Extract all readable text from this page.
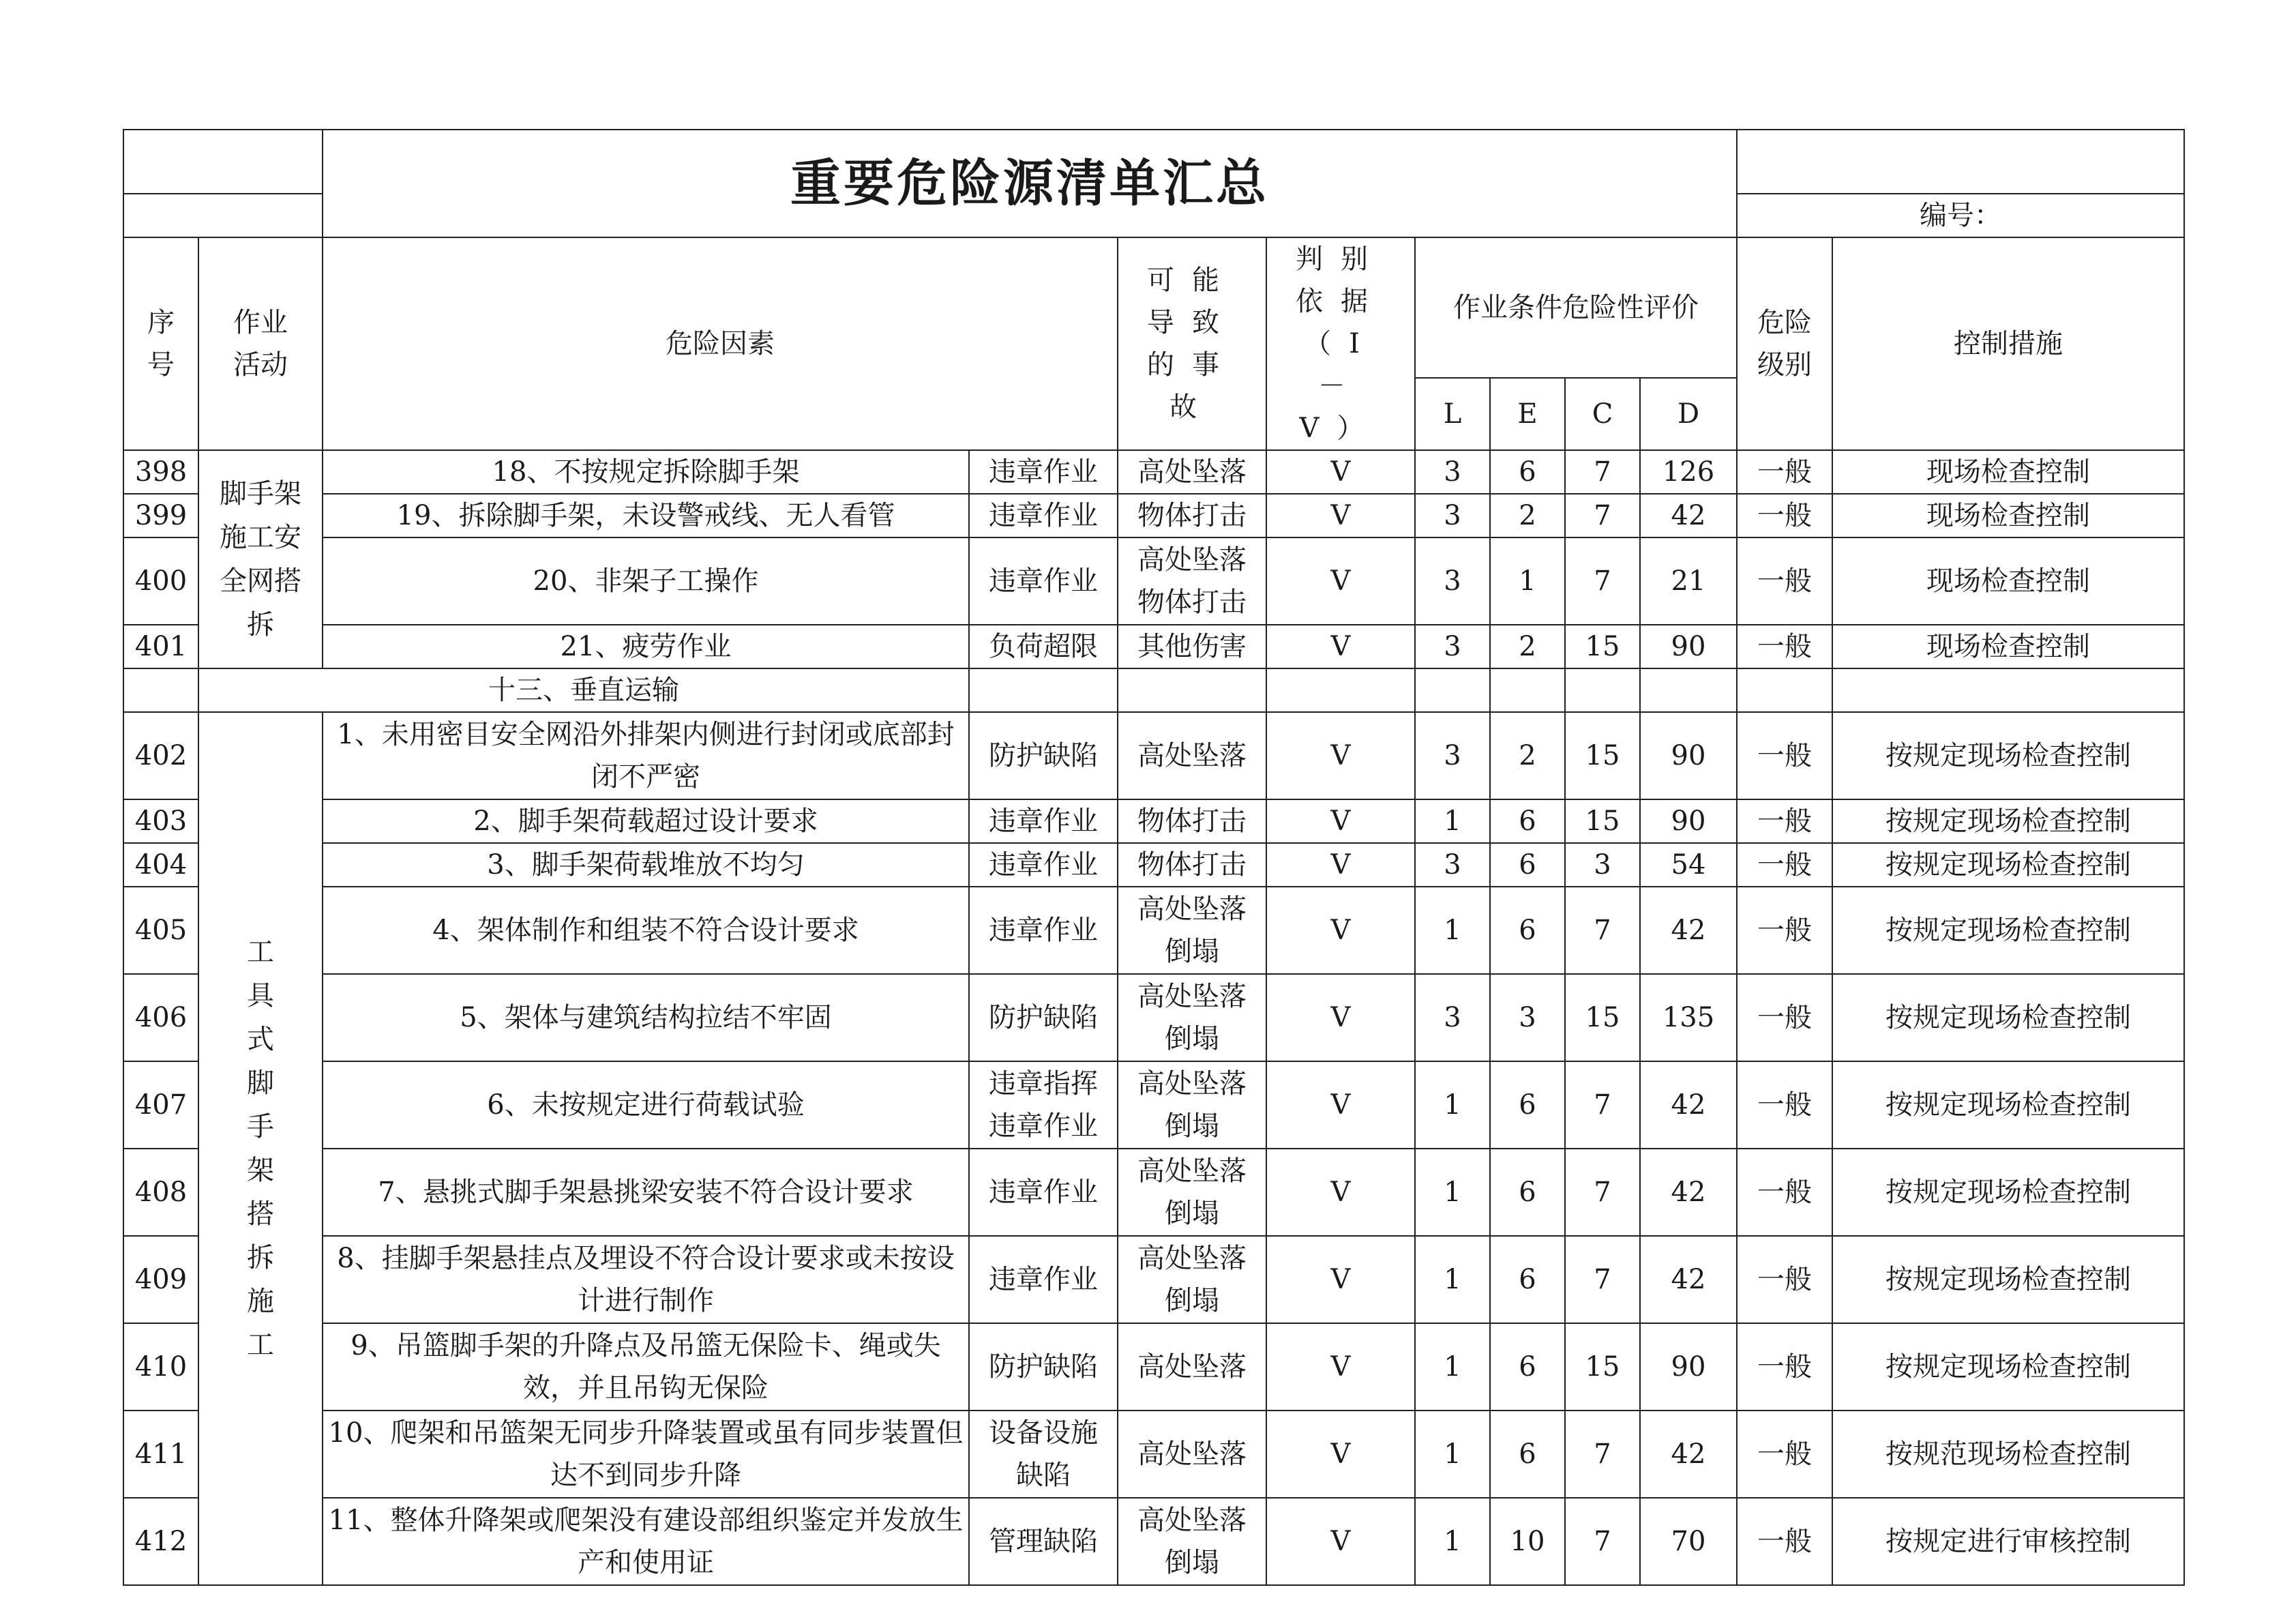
		重要危险源清单汇总									
										编号：	
序号	作业活动	危险因素		可能导致的事故	判别依据（I－V）	作业条件危险性评价				危险级别	控制措施
						L	E	C	D		
398	脚手架施工安全网搭拆	18、不按规定拆除脚手架	违章作业	高处坠落	V	3	6	7	126	一般	现场检查控制
399		19、拆除脚手架，未设警戒线、无人看管	违章作业	物体打击	V	3	2	7	42	一般	现场检查控制
400		20、非架子工操作	违章作业	高处坠落物体打击	V	3	1	7	21	一般	现场检查控制
401		21、疲劳作业	负荷超限	其他伤害	V	3	2	15	90	一般	现场检查控制
	十三、垂直运输										
402	工具式脚手架搭拆施工	1、未用密目安全网沿外排架内侧进行封闭或底部封闭不严密	防护缺陷	高处坠落	V	3	2	15	90	一般	按规定现场检查控制
403		2、脚手架荷载超过设计要求	违章作业	物体打击	V	1	6	15	90	一般	按规定现场检查控制
404		3、脚手架荷载堆放不均匀	违章作业	物体打击	V	3	6	3	54	一般	按规定现场检查控制
405		4、架体制作和组装不符合设计要求	违章作业	高处坠落倒塌	V	1	6	7	42	一般	按规定现场检查控制
406		5、架体与建筑结构拉结不牢固	防护缺陷	高处坠落倒塌	V	3	3	15	135	一般	按规定现场检查控制
407		6、未按规定进行荷载试验	违章指挥违章作业	高处坠落倒塌	V	1	6	7	42	一般	按规定现场检查控制
408		7、悬挑式脚手架悬挑梁安装不符合设计要求	违章作业	高处坠落倒塌	V	1	6	7	42	一般	按规定现场检查控制
409		8、挂脚手架悬挂点及埋设不符合设计要求或未按设计进行制作	违章作业	高处坠落倒塌	V	1	6	7	42	一般	按规定现场检查控制
410		9、吊篮脚手架的升降点及吊篮无保险卡、绳或失效，并且吊钩无保险	防护缺陷	高处坠落	V	1	6	15	90	一般	按规定现场检查控制
411		10、爬架和吊篮架无同步升降装置或虽有同步装置但达不到同步升降	设备设施缺陷	高处坠落	V	1	6	7	42	一般	按规范现场检查控制
412		11、整体升降架或爬架没有建设部组织鉴定并发放生产和使用证	管理缺陷	高处坠落倒塌	V	1	10	7	70	一般	按规定进行审核控制
